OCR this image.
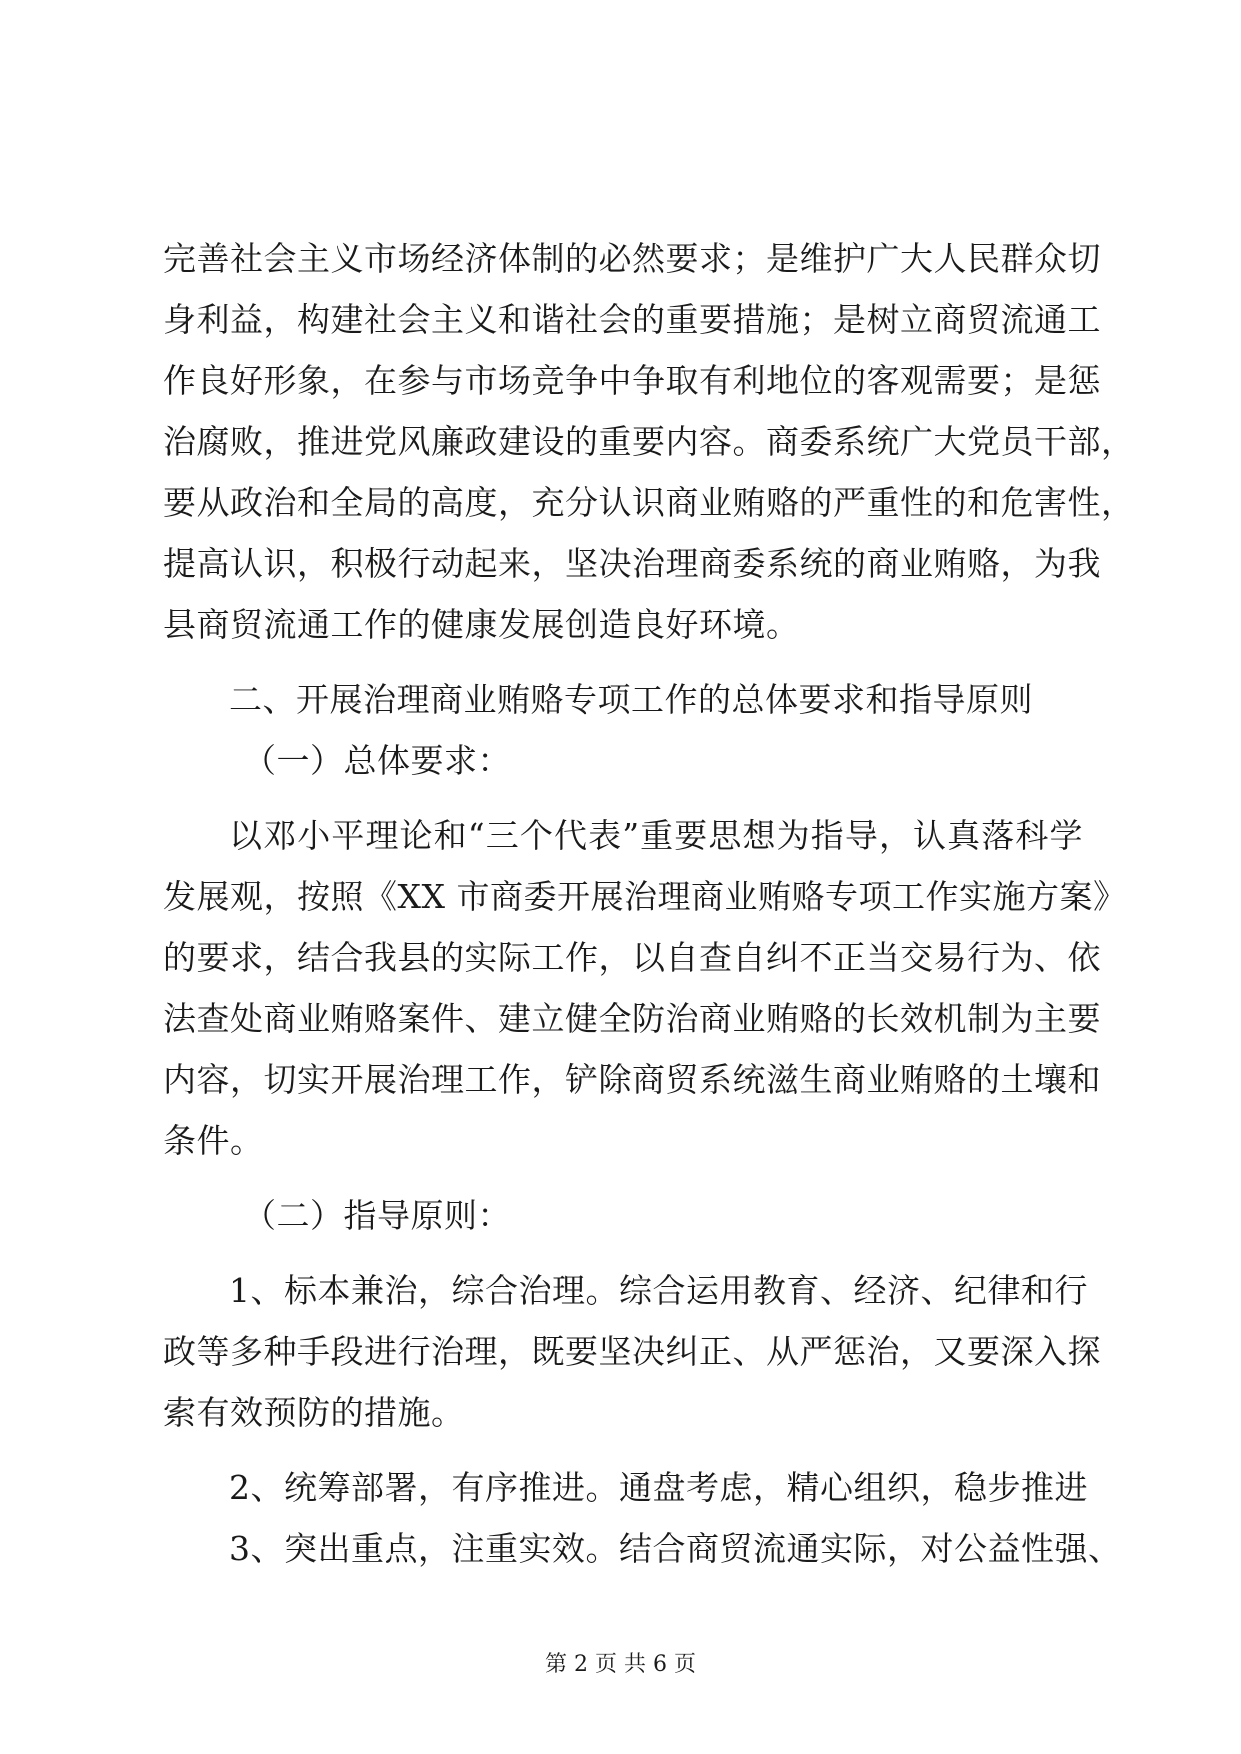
完善社会主义市场经济体制的必然要求；是维护广大人民群众切
身利益，构建社会主义和谐社会的重要措施；是树立商贸流通工
作良好形象，在参与市场竞争中争取有利地位的客观需要；是惩
治腐败，推进党风廉政建设的重要内容。商委系统广大党员干部，
要从政治和全局的高度，充分认识商业贿赂的严重性的和危害性，
提高认识，积极行动起来，坚决治理商委系统的商业贿赂，为我
县商贸流通工作的健康发展创造良好环境。
二、开展治理商业贿赂专项工作的总体要求和指导原则
（一）总体要求：
以邓小平理论和“三个代表”重要思想为指导，认真落科学
发展观，按照《XX 市商委开展治理商业贿赂专项工作实施方案》
的要求，结合我县的实际工作，以自查自纠不正当交易行为、依
法查处商业贿赂案件、建立健全防治商业贿赂的长效机制为主要
内容，切实开展治理工作，铲除商贸系统滋生商业贿赂的土壤和
条件。
（二）指导原则：
1、标本兼治，综合治理。综合运用教育、经济、纪律和行
政等多种手段进行治理，既要坚决纠正、从严惩治，又要深入探
索有效预防的措施。
2、统筹部署，有序推进。通盘考虑，精心组织，稳步推进
3、突出重点，注重实效。结合商贸流通实际，对公益性强、
第 2 页 共 6 页
